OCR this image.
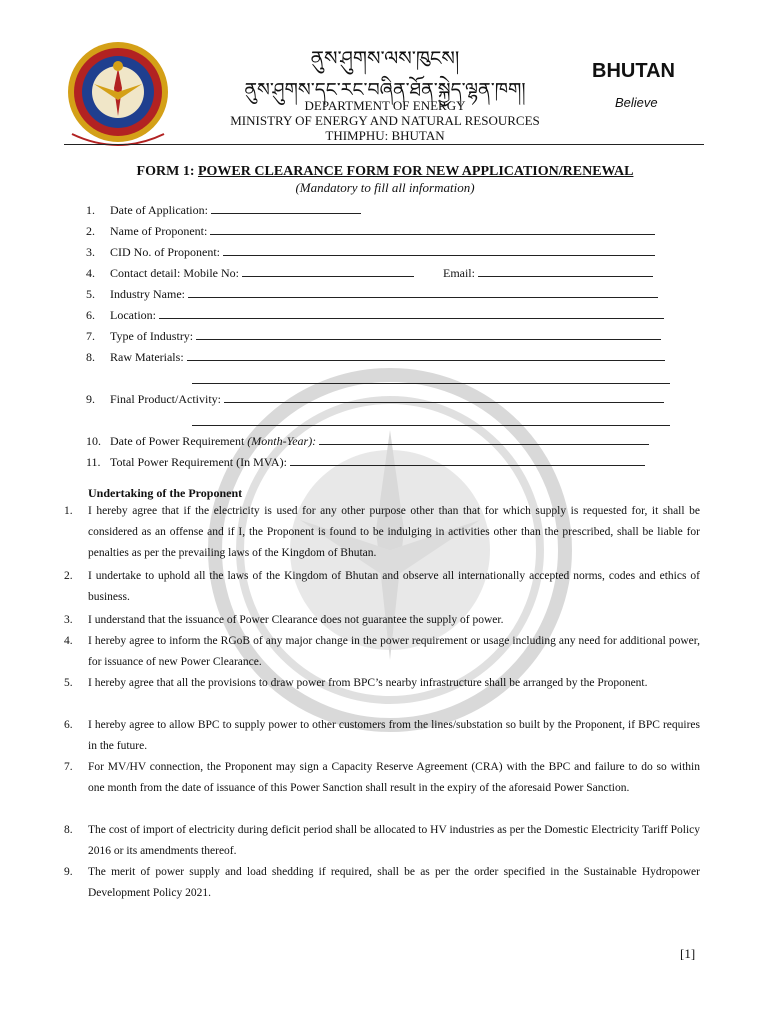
ནུས་ཤུགས་ལས་ཁུངས།
ནུས་ཤུགས་དང་རང་བཞིན་ཐོན་སྐྱེད་ལྷན་ཁག།
DEPARTMENT OF ENERGY
MINISTRY OF ENERGY AND NATURAL RESOURCES
THIMPHU: BHUTAN
BHUTAN
Believe
FORM 1: POWER CLEARANCE FORM FOR NEW APPLICATION/RENEWAL
(Mandatory to fill all information)
1. Date of Application:
2. Name of Proponent:
3. CID No. of Proponent:
4. Contact detail: Mobile No:	Email:
5. Industry Name:
6. Location:
7. Type of Industry:
8. Raw Materials:
9. Final Product/Activity:
10. Date of Power Requirement (Month-Year):
11. Total Power Requirement (In MVA):
Undertaking of the Proponent
1. I hereby agree that if the electricity is used for any other purpose other than that for which supply is requested for, it shall be considered as an offense and if I, the Proponent is found to be indulging in activities other than the prescribed, shall be liable for penalties as per the prevailing laws of the Kingdom of Bhutan.
2. I undertake to uphold all the laws of the Kingdom of Bhutan and observe all internationally accepted norms, codes and ethics of business.
3. I understand that the issuance of Power Clearance does not guarantee the supply of power.
4. I hereby agree to inform the RGoB of any major change in the power requirement or usage including any need for additional power, for issuance of new Power Clearance.
5. I hereby agree that all the provisions to draw power from BPC’s nearby infrastructure shall be arranged by the Proponent.
6. I hereby agree to allow BPC to supply power to other customers from the lines/substation so built by the Proponent, if BPC requires in the future.
7. For MV/HV connection, the Proponent may sign a Capacity Reserve Agreement (CRA) with the BPC and failure to do so within one month from the date of issuance of this Power Sanction shall result in the expiry of the aforesaid Power Sanction.
8. The cost of import of electricity during deficit period shall be allocated to HV industries as per the Domestic Electricity Tariff Policy 2016 or its amendments thereof.
9. The merit of power supply and load shedding if required, shall be as per the order specified in the Sustainable Hydropower Development Policy 2021.
[1]
